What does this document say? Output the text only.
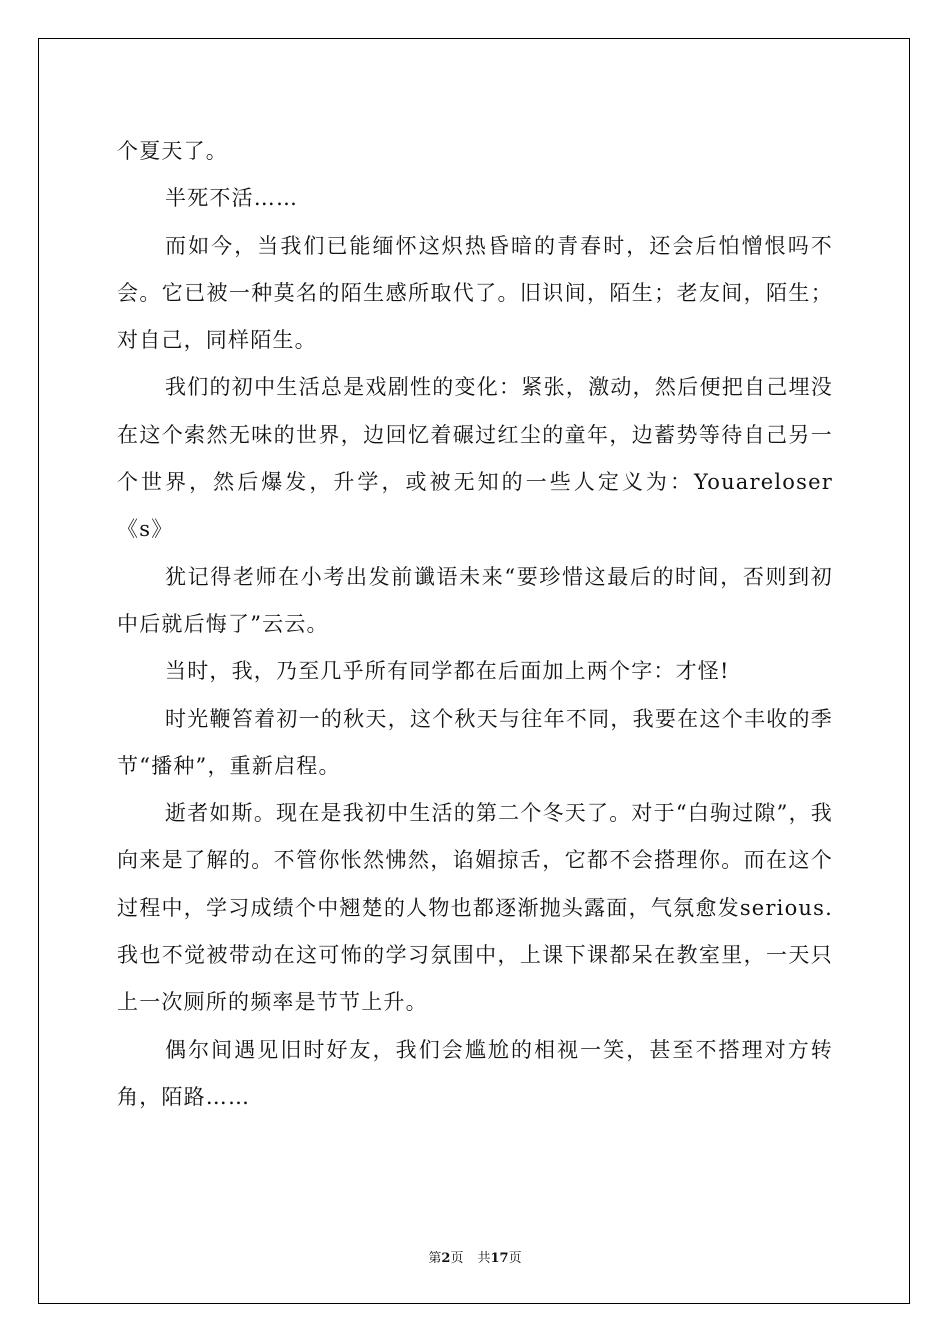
个夏天了。

半死不活……

而如今，当我们已能缅怀这炽热昏暗的青春时，还会后怕憎恨吗不会。它已被一种莫名的陌生感所取代了。旧识间，陌生；老友间，陌生；对自己，同样陌生。

我们的初中生活总是戏剧性的变化：紧张，激动，然后便把自己埋没在这个索然无味的世界，边回忆着碾过红尘的童年，边蓄势等待自己另一个世界，然后爆发，升学，或被无知的一些人定义为：Youareloser《s》

犹记得老师在小考出发前谶语未来“要珍惜这最后的时间，否则到初中后就后悔了”云云。

当时，我，乃至几乎所有同学都在后面加上两个字：才怪!

时光鞭笞着初一的秋天，这个秋天与往年不同，我要在这个丰收的季节“播种”，重新启程。

逝者如斯。现在是我初中生活的第二个冬天了。对于“白驹过隙”，我向来是了解的。不管你怅然怫然，谄媚掠舌，它都不会搭理你。而在这个过程中，学习成绩个中翘楚的人物也都逐渐抛头露面，气氛愈发serious.我也不觉被带动在这可怖的学习氛围中，上课下课都呆在教室里，一天只上一次厕所的频率是节节上升。

偶尔间遇见旧时好友，我们会尴尬的相视一笑，甚至不搭理对方转角，陌路……

第2页 共17页
